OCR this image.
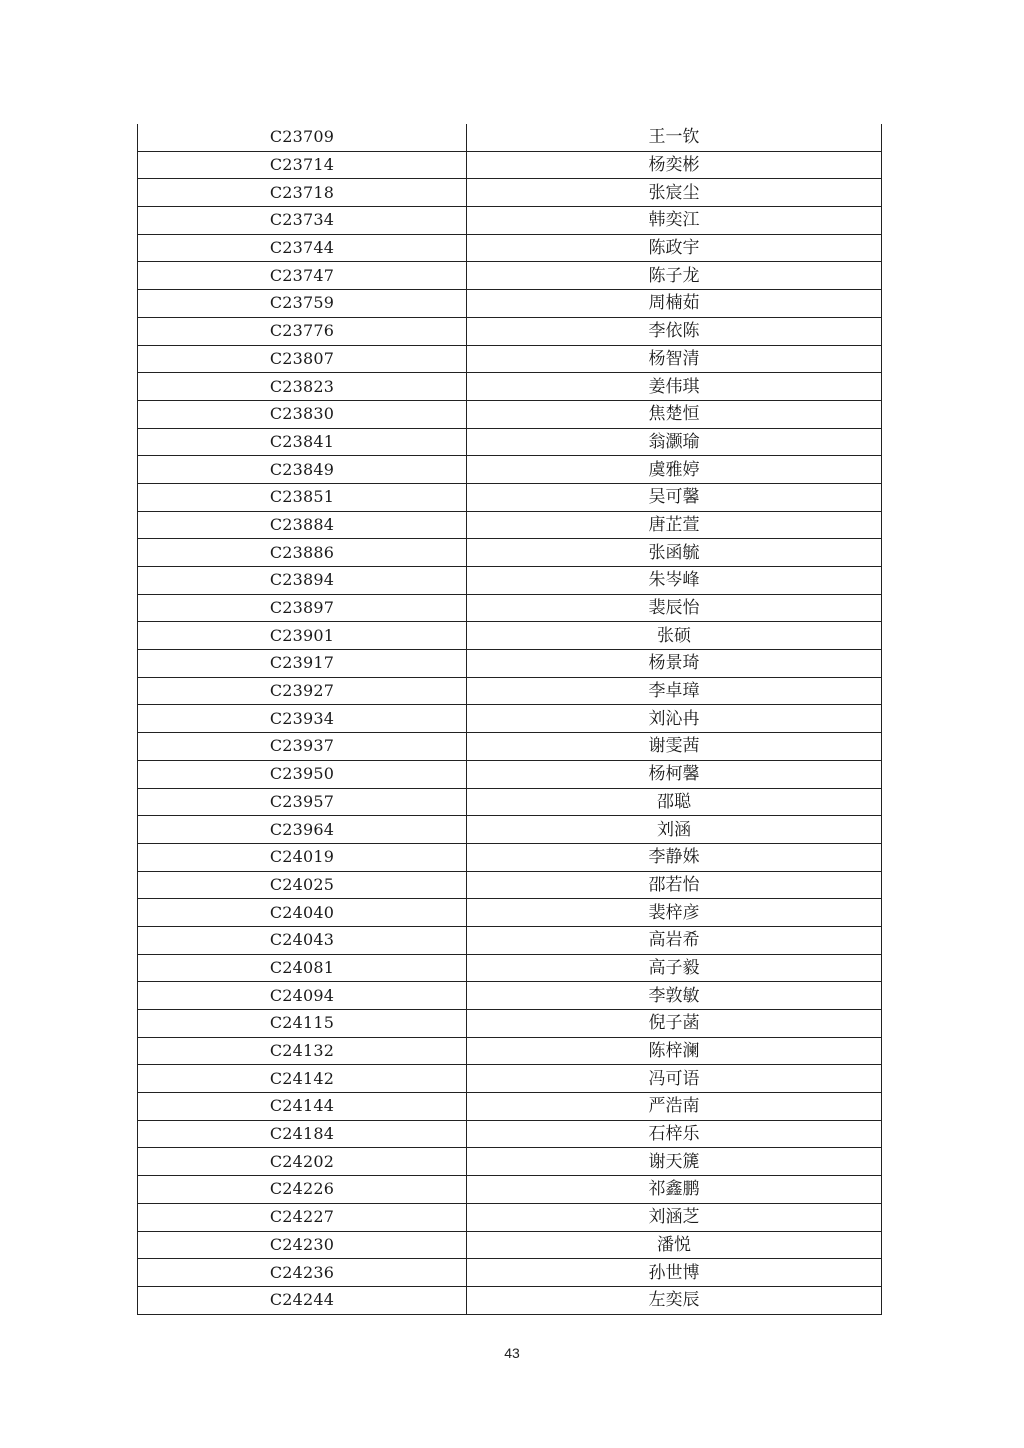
C23709	王一钦
C23714	杨奕彬
C23718	张宸尘
C23734	韩奕江
C23744	陈政宇
C23747	陈子龙
C23759	周楠茹
C23776	李依陈
C23807	杨智清
C23823	姜伟琪
C23830	焦楚恒
C23841	翁灏瑜
C23849	虞雅婷
C23851	吴可馨
C23884	唐芷萱
C23886	张函毓
C23894	朱岑峰
C23897	裴辰怡
C23901	张硕
C23917	杨景琦
C23927	李卓璋
C23934	刘沁冉
C23937	谢雯茜
C23950	杨柯馨
C23957	邵聪
C23964	刘涵
C24019	李静姝
C24025	邵若怡
C24040	裴梓彦
C24043	高岩希
C24081	高子毅
C24094	李敦敏
C24115	倪子菡
C24132	陈梓澜
C24142	冯可语
C24144	严浩南
C24184	石梓乐
C24202	谢天篪
C24226	祁鑫鹏
C24227	刘涵芝
C24230	潘悦
C24236	孙世博
C24244	左奕辰
43
